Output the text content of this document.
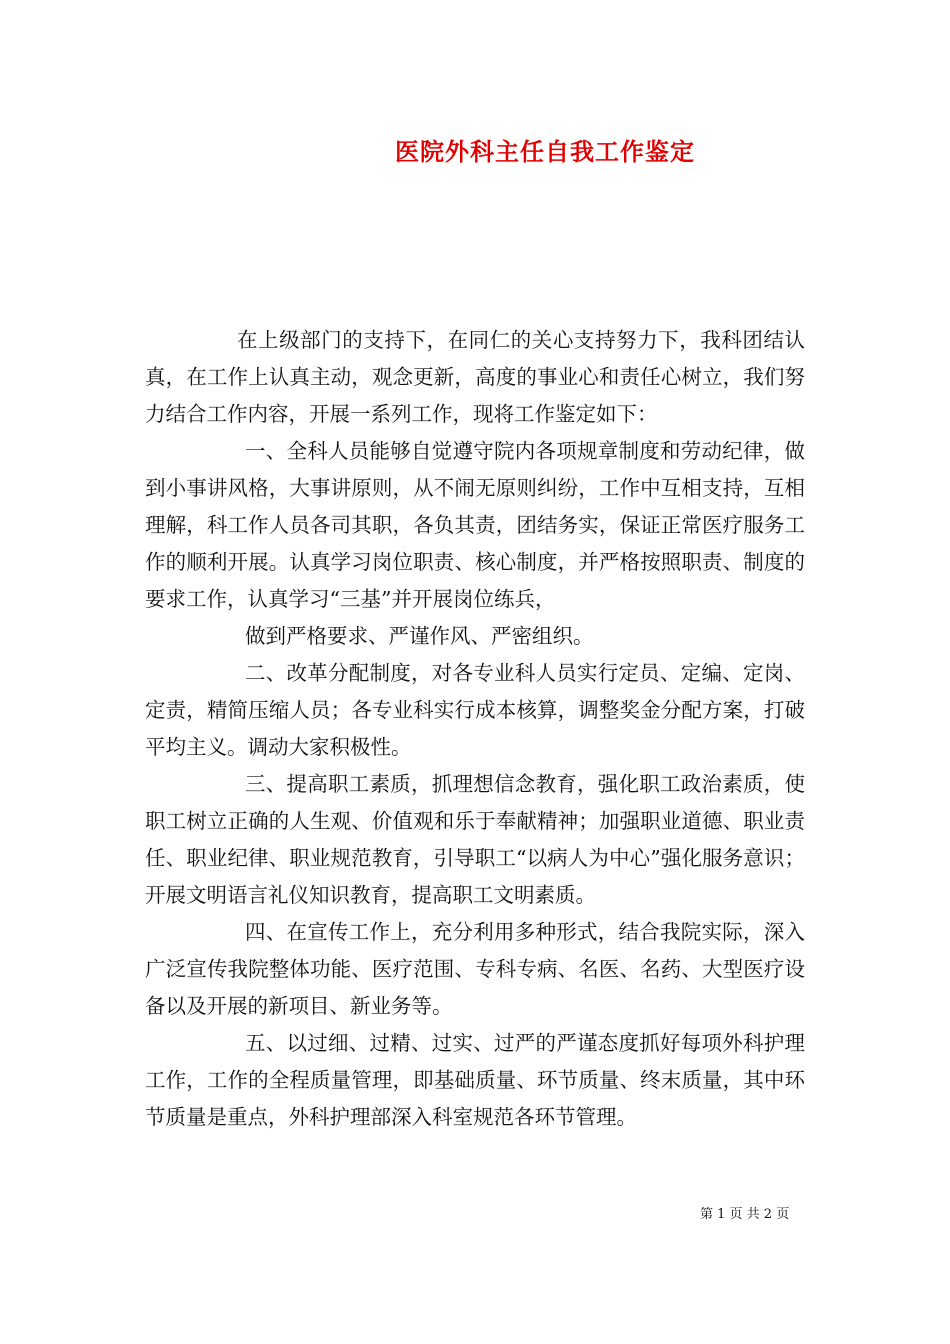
医院外科主任自我工作鉴定

在上级部门的支持下，在同仁的关心支持努力下，我科团结认真，在工作上认真主动，观念更新，高度的事业心和责任心树立，我们努力结合工作内容，开展一系列工作，现将工作鉴定如下：

一、全科人员能够自觉遵守院内各项规章制度和劳动纪律，做到小事讲风格，大事讲原则，从不闹无原则纠纷，工作中互相支持，互相理解，科工作人员各司其职，各负其责，团结务实，保证正常医疗服务工作的顺利开展。认真学习岗位职责、核心制度，并严格按照职责、制度的要求工作，认真学习“三基”并开展岗位练兵，

做到严格要求、严谨作风、严密组织。

二、改革分配制度，对各专业科人员实行定员、定编、定岗、定责，精简压缩人员；各专业科实行成本核算，调整奖金分配方案，打破平均主义。调动大家积极性。

三、提高职工素质，抓理想信念教育，强化职工政治素质，使职工树立正确的人生观、价值观和乐于奉献精神；加强职业道德、职业责任、职业纪律、职业规范教育，引导职工“以病人为中心”强化服务意识；开展文明语言礼仪知识教育，提高职工文明素质。

四、在宣传工作上，充分利用多种形式，结合我院实际，深入广泛宣传我院整体功能、医疗范围、专科专病、名医、名药、大型医疗设备以及开展的新项目、新业务等。

五、以过细、过精、过实、过严的严谨态度抓好每项外科护理工作，工作的全程质量管理，即基础质量、环节质量、终末质量，其中环节质量是重点，外科护理部深入科室规范各环节管理。

第 1 页 共 2 页
